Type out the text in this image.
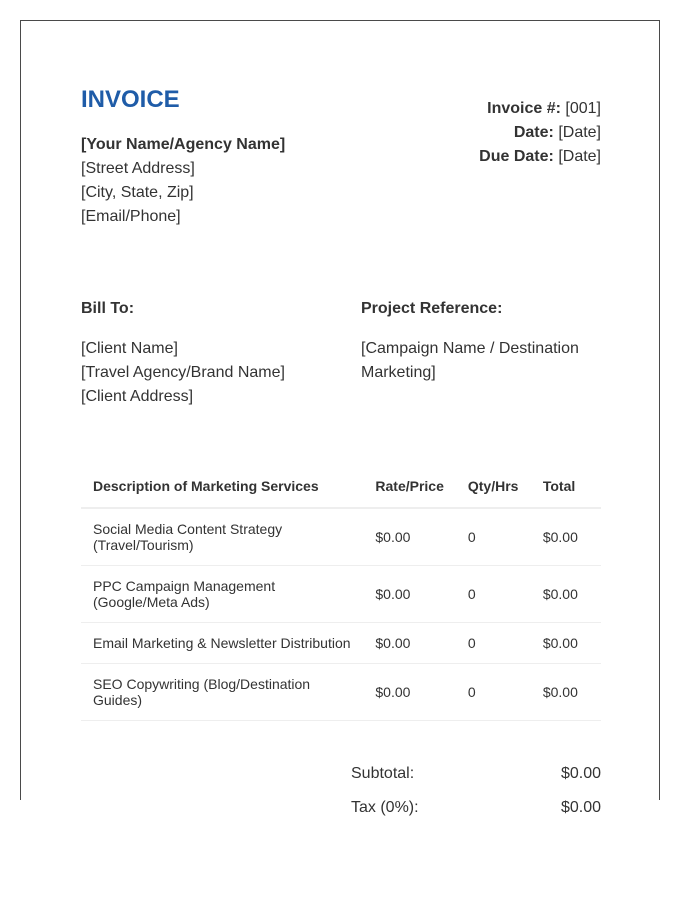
INVOICE
[Your Name/Agency Name]
[Street Address]
[City, State, Zip]
[Email/Phone]
Invoice #: [001]
Date: [Date]
Due Date: [Date]
Bill To:
[Client Name]
[Travel Agency/Brand Name]
[Client Address]
Project Reference:
[Campaign Name / Destination Marketing]
Description of Marketing Services	Rate/Price	Qty/Hrs	Total
Social Media Content Strategy (Travel/Tourism)	$0.00	0	$0.00
PPC Campaign Management (Google/Meta Ads)	$0.00	0	$0.00
Email Marketing & Newsletter Distribution	$0.00	0	$0.00
SEO Copywriting (Blog/Destination Guides)	$0.00	0	$0.00
Subtotal:	$0.00
Tax (0%):	$0.00
